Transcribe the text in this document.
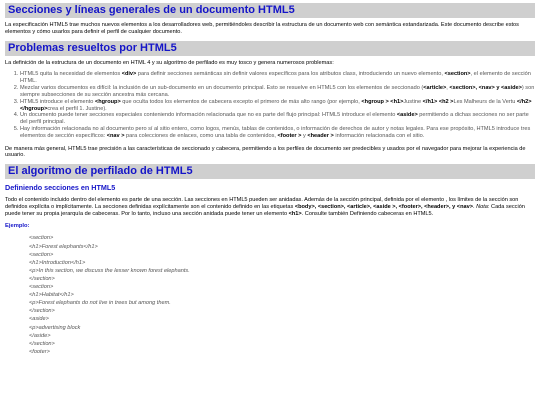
Secciones y líneas generales de un documento HTML5

La especificación HTML5 trae muchos nuevos elementos a los desarrolladores web, permitiéndoles describir la estructura de un documento web con semántica estandarizada. Este documento describe estos elementos y cómo usarlos para definir el perfil de cualquier documento.

Problemas resueltos por HTML5

La definición de la estructura de un documento en HTML 4 y su algoritmo de perfilado es muy tosco y genera numerosos problemas:

1. HTML5 quita la necesidad de elementos <div> para definir secciones semánticas sin definir valores específicos para los atributos class, introduciendo un nuevo elemento, <section>, el elemento de sección HTML.
2. Mezclar varios documentos es difícil: la inclusión de un sub-documento en un documento principal. Esto se resuelve en HTML5 con los elementos de seccionado (<article>, <section>, <nav> y <aside>) son siempre subsecciones de su sección ancestra más cercana.
3. HTML5 introduce el elemento <hgroup> que oculta todos los elementos de cabecera excepto el primero de más alto rango (por ejemplo, <hgroup > <h1>Justine </h1> <h2 >Les Malheurs de la Vertu </h2> </hgroup>crea el perfil 1. Justine).
4. Un documento puede tener secciones especiales conteniendo información relacionada que no es parte del flujo principal: HTML5 introduce el elemento <aside> permitiendo a dichas secciones no ser parte del perfil principal.
5. Hay información relacionada no al documento pero sí al sitio entero, como logos, menús, tablas de contenidos, o información de derechos de autor y notas legales. Para ese propósito, HTML5 introduce tres elementos de sección específicos: <nav > para colecciones de enlaces, como una tabla de contenidos, <footer > y <header > información relacionada con el sitio.

De manera más general, HTML5 trae precisión a las características de seccionado y cabecera, permitiendo a los perfiles de documento ser predecibles y usados por el navegador para mejorar la experiencia de usuario.

El algoritmo de perfilado de HTML5
Definiendo secciones en HTML5

Todo el contenido incluido dentro del elemento es parte de una sección. Las secciones en HTML5 pueden ser anidadas. Además de la sección principal, definida por el elemento , los límites de la sección son definidos explícita o implícitamente. La secciones definidas explícitamente son el contenido definido en las etiquetas <body>, <section>, <article>, <aside >, <footer>, <header>, y <nav>. Nota: Cada sección puede tener su propia jerarquía de cabeceras. Por lo tanto, incluso una sección anidada puede tener un elemento <h1>. Consulte también Definiendo cabeceras en HTML5.

Ejemplo:
<section>
<h1>Forest elephants</h1>
<section>
<h1>Introduction</h1>
<p>In this section, we discuss the lesser known forest elephants.
</section>
<section>
<h1>Habitat</h1>
<p>Forest elephants do not live in trees but among them.
</section>
<aside>
<p>advertising block
</aside>
</section>
<footer>
